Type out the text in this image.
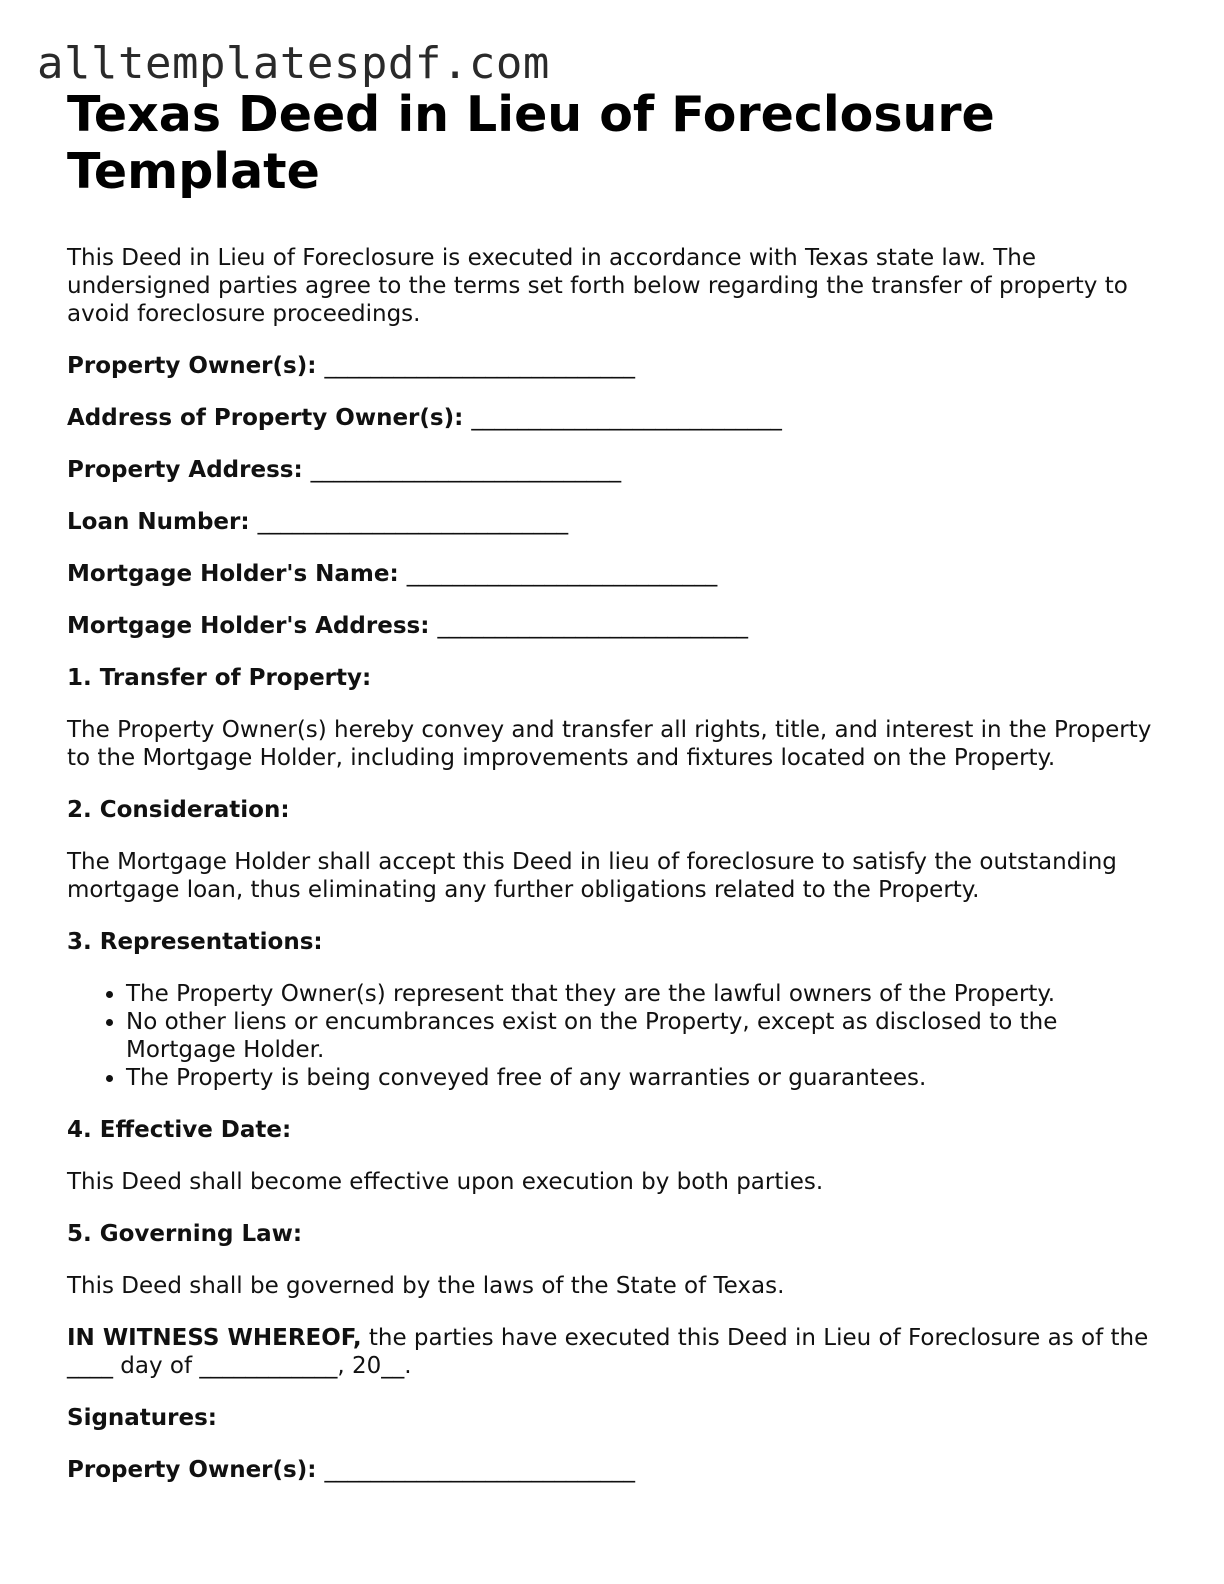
alltemplatespdf.com
Texas Deed in Lieu of Foreclosure Template

This Deed in Lieu of Foreclosure is executed in accordance with Texas state law. The undersigned parties agree to the terms set forth below regarding the transfer of property to avoid foreclosure proceedings.

Property Owner(s): ___________________________

Address of Property Owner(s): ___________________________

Property Address: ___________________________

Loan Number: ___________________________

Mortgage Holder's Name: ___________________________

Mortgage Holder's Address: ___________________________

1. Transfer of Property:

The Property Owner(s) hereby convey and transfer all rights, title, and interest in the Property to the Mortgage Holder, including improvements and fixtures located on the Property.

2. Consideration:

The Mortgage Holder shall accept this Deed in lieu of foreclosure to satisfy the outstanding mortgage loan, thus eliminating any further obligations related to the Property.

3. Representations:

• The Property Owner(s) represent that they are the lawful owners of the Property.
• No other liens or encumbrances exist on the Property, except as disclosed to the Mortgage Holder.
• The Property is being conveyed free of any warranties or guarantees.

4. Effective Date:

This Deed shall become effective upon execution by both parties.

5. Governing Law:

This Deed shall be governed by the laws of the State of Texas.

IN WITNESS WHEREOF, the parties have executed this Deed in Lieu of Foreclosure as of the ____ day of ____________, 20__.

Signatures:

Property Owner(s): ___________________________
